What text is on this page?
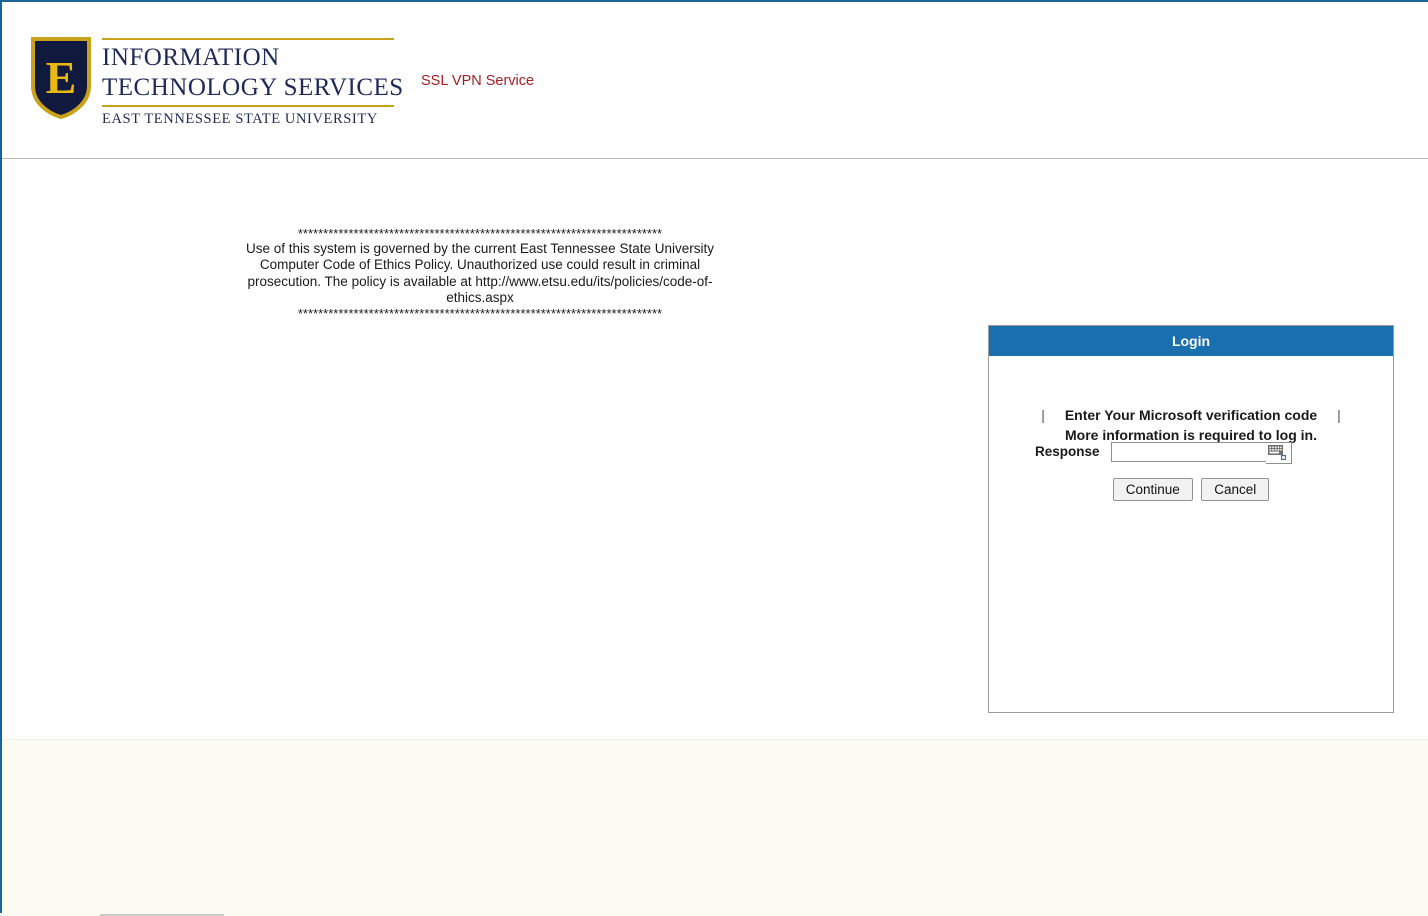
E INFORMATION
TECHNOLOGY SERVICES
EAST TENNESSEE STATE UNIVERSITY
SSL VPN Service
************************************************************************
Use of this system is governed by the current East Tennessee State University Computer Code of Ethics Policy. Unauthorized use could result in criminal prosecution. The policy is available at http://www.etsu.edu/its/policies/code-of-ethics.aspx
************************************************************************
Login
| Enter Your Microsoft verification code |
More information is required to log in.
Response
Continue	Cancel
